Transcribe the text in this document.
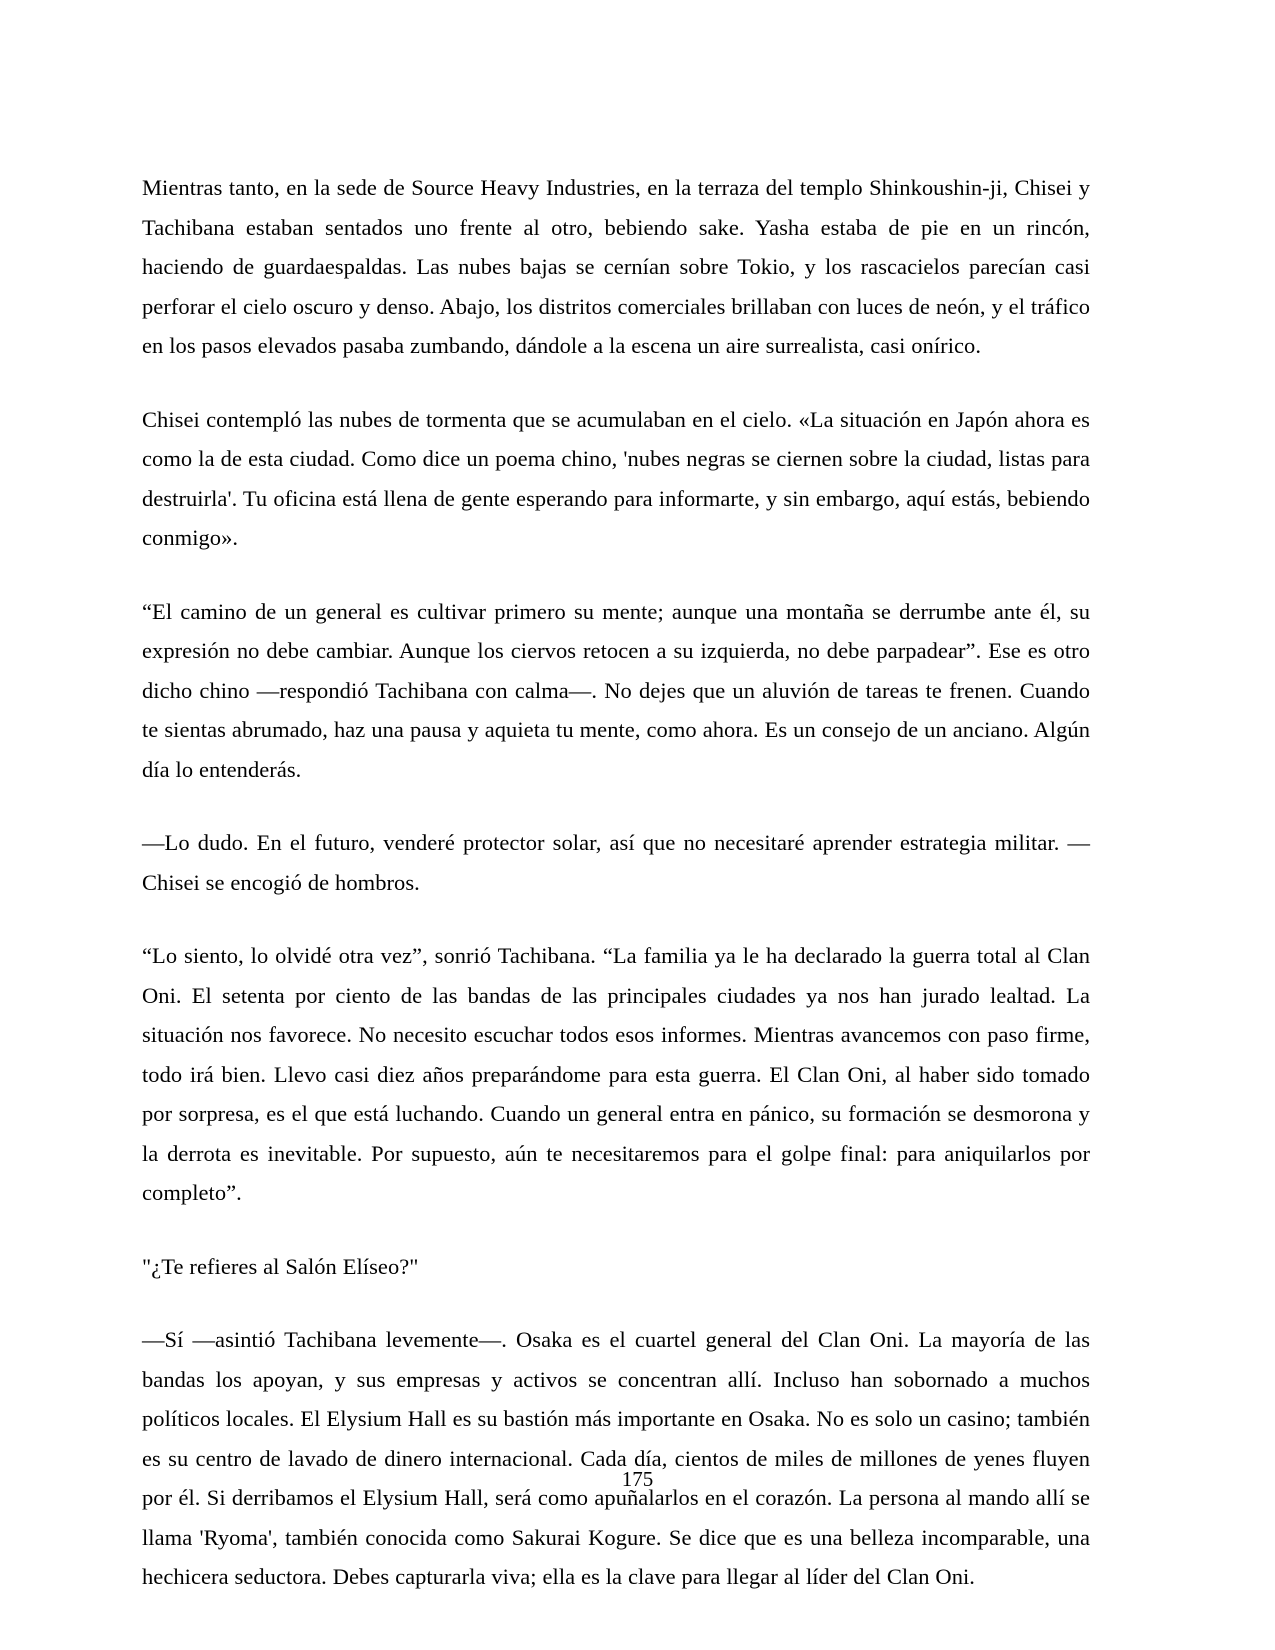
Mientras tanto, en la sede de Source Heavy Industries, en la terraza del templo Shinkoushin-ji, Chisei y Tachibana estaban sentados uno frente al otro, bebiendo sake. Yasha estaba de pie en un rincón, haciendo de guardaespaldas. Las nubes bajas se cernían sobre Tokio, y los rascacielos parecían casi perforar el cielo oscuro y denso. Abajo, los distritos comerciales brillaban con luces de neón, y el tráfico en los pasos elevados pasaba zumbando, dándole a la escena un aire surrealista, casi onírico.

Chisei contempló las nubes de tormenta que se acumulaban en el cielo. «La situación en Japón ahora es como la de esta ciudad. Como dice un poema chino, 'nubes negras se ciernen sobre la ciudad, listas para destruirla'. Tu oficina está llena de gente esperando para informarte, y sin embargo, aquí estás, bebiendo conmigo».

“El camino de un general es cultivar primero su mente; aunque una montaña se derrumbe ante él, su expresión no debe cambiar. Aunque los ciervos retocen a su izquierda, no debe parpadear”. Ese es otro dicho chino —respondió Tachibana con calma—. No dejes que un aluvión de tareas te frenen. Cuando te sientas abrumado, haz una pausa y aquieta tu mente, como ahora. Es un consejo de un anciano. Algún día lo entenderás.

—Lo dudo. En el futuro, venderé protector solar, así que no necesitaré aprender estrategia militar. —Chisei se encogió de hombros.

“Lo siento, lo olvidé otra vez”, sonrió Tachibana. “La familia ya le ha declarado la guerra total al Clan Oni. El setenta por ciento de las bandas de las principales ciudades ya nos han jurado lealtad. La situación nos favorece. No necesito escuchar todos esos informes. Mientras avancemos con paso firme, todo irá bien. Llevo casi diez años preparándome para esta guerra. El Clan Oni, al haber sido tomado por sorpresa, es el que está luchando. Cuando un general entra en pánico, su formación se desmorona y la derrota es inevitable. Por supuesto, aún te necesitaremos para el golpe final: para aniquilarlos por completo”.

"¿Te refieres al Salón Elíseo?"

—Sí —asintió Tachibana levemente—. Osaka es el cuartel general del Clan Oni. La mayoría de las bandas los apoyan, y sus empresas y activos se concentran allí. Incluso han sobornado a muchos políticos locales. El Elysium Hall es su bastión más importante en Osaka. No es solo un casino; también es su centro de lavado de dinero internacional. Cada día, cientos de miles de millones de yenes fluyen por él. Si derribamos el Elysium Hall, será como apuñalarlos en el corazón. La persona al mando allí se llama 'Ryoma', también conocida como Sakurai Kogure. Se dice que es una belleza incomparable, una hechicera seductora. Debes capturarla viva; ella es la clave para llegar al líder del Clan Oni.

175
